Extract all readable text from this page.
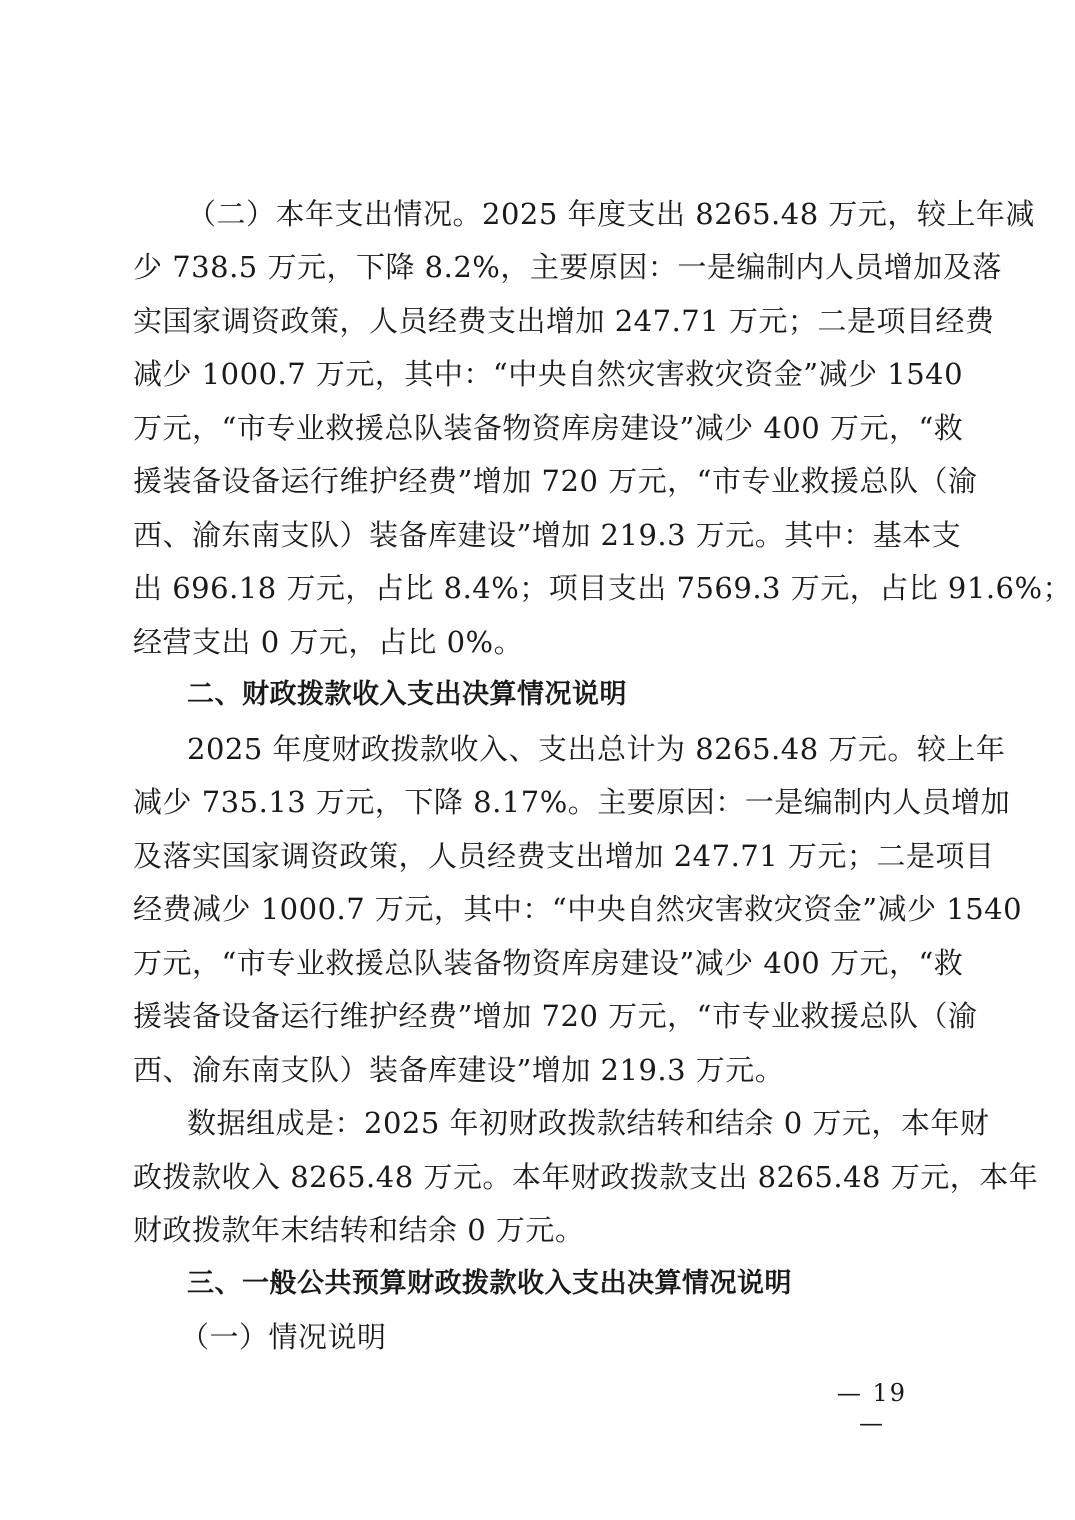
（二）本年支出情况。2025 年度支出 8265.48 万元，较上年减
少 738.5 万元，下降 8.2%，主要原因：一是编制内人员增加及落
实国家调资政策，人员经费支出增加 247.71 万元；二是项目经费
减少 1000.7 万元，其中：“中央自然灾害救灾资金”减少 1540
万元，“市专业救援总队装备物资库房建设”减少 400 万元，“救
援装备设备运行维护经费”增加 720 万元，“市专业救援总队（渝
西、渝东南支队）装备库建设”增加 219.3 万元。其中：基本支
出 696.18 万元，占比 8.4%；项目支出 7569.3 万元，占比 91.6%；
经营支出 0 万元，占比 0%。
二、财政拨款收入支出决算情况说明
2025 年度财政拨款收入、支出总计为 8265.48 万元。较上年
减少 735.13 万元，下降 8.17%。主要原因：一是编制内人员增加
及落实国家调资政策，人员经费支出增加 247.71 万元；二是项目
经费减少 1000.7 万元，其中：“中央自然灾害救灾资金”减少 1540
万元，“市专业救援总队装备物资库房建设”减少 400 万元，“救
援装备设备运行维护经费”增加 720 万元，“市专业救援总队（渝
西、渝东南支队）装备库建设”增加 219.3 万元。
数据组成是：2025 年初财政拨款结转和结余 0 万元，本年财
政拨款收入 8265.48 万元。本年财政拨款支出 8265.48 万元，本年
财政拨款年末结转和结余 0 万元。
三、一般公共预算财政拨款收入支出决算情况说明
（一）情况说明
— 19 —
